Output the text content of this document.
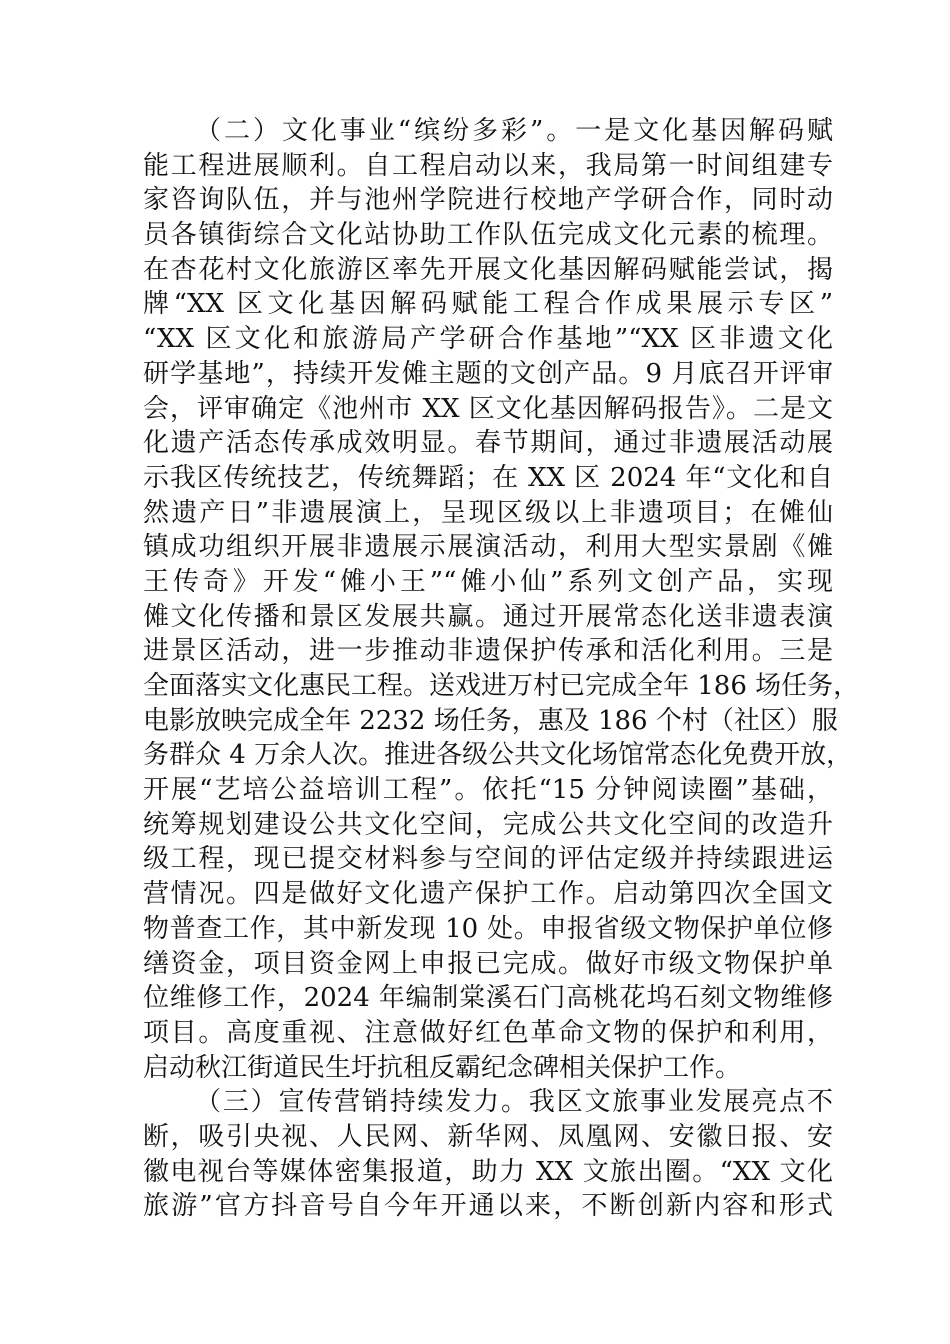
（二）文化事业“缤纷多彩”。一是文化基因解码赋
能工程进展顺利。自工程启动以来，我局第一时间组建专
家咨询队伍，并与池州学院进行校地产学研合作，同时动
员各镇街综合文化站协助工作队伍完成文化元素的梳理。
在杏花村文化旅游区率先开展文化基因解码赋能尝试，揭
牌“XX 区文化基因解码赋能工程合作成果展示专区”
“XX 区文化和旅游局产学研合作基地”“XX 区非遗文化
研学基地”，持续开发傩主题的文创产品。9 月底召开评审
会，评审确定《池州市 XX 区文化基因解码报告》。二是文
化遗产活态传承成效明显。春节期间，通过非遗展活动展
示我区传统技艺，传统舞蹈；在 XX 区 2024 年“文化和自
然遗产日”非遗展演上，呈现区级以上非遗项目；在傩仙
镇成功组织开展非遗展示展演活动，利用大型实景剧《傩
王传奇》开发“傩小王”“傩小仙”系列文创产品，实现
傩文化传播和景区发展共赢。通过开展常态化送非遗表演
进景区活动，进一步推动非遗保护传承和活化利用。三是
全面落实文化惠民工程。送戏进万村已完成全年 186 场任务，
电影放映完成全年 2232 场任务，惠及 186 个村（社区）服
务群众 4 万余人次。推进各级公共文化场馆常态化免费开放，
开展“艺培公益培训工程”。依托“15 分钟阅读圈”基础，
统筹规划建设公共文化空间，完成公共文化空间的改造升
级工程，现已提交材料参与空间的评估定级并持续跟进运
营情况。四是做好文化遗产保护工作。启动第四次全国文
物普查工作，其中新发现 10 处。申报省级文物保护单位修
缮资金，项目资金网上申报已完成。做好市级文物保护单
位维修工作，2024 年编制棠溪石门高桃花坞石刻文物维修
项目。高度重视、注意做好红色革命文物的保护和利用，
启动秋江街道民生圩抗租反霸纪念碑相关保护工作。
（三）宣传营销持续发力。我区文旅事业发展亮点不
断，吸引央视、人民网、新华网、凤凰网、安徽日报、安
徽电视台等媒体密集报道，助力 XX 文旅出圈。“XX 文化
旅游”官方抖音号自今年开通以来，不断创新内容和形式
